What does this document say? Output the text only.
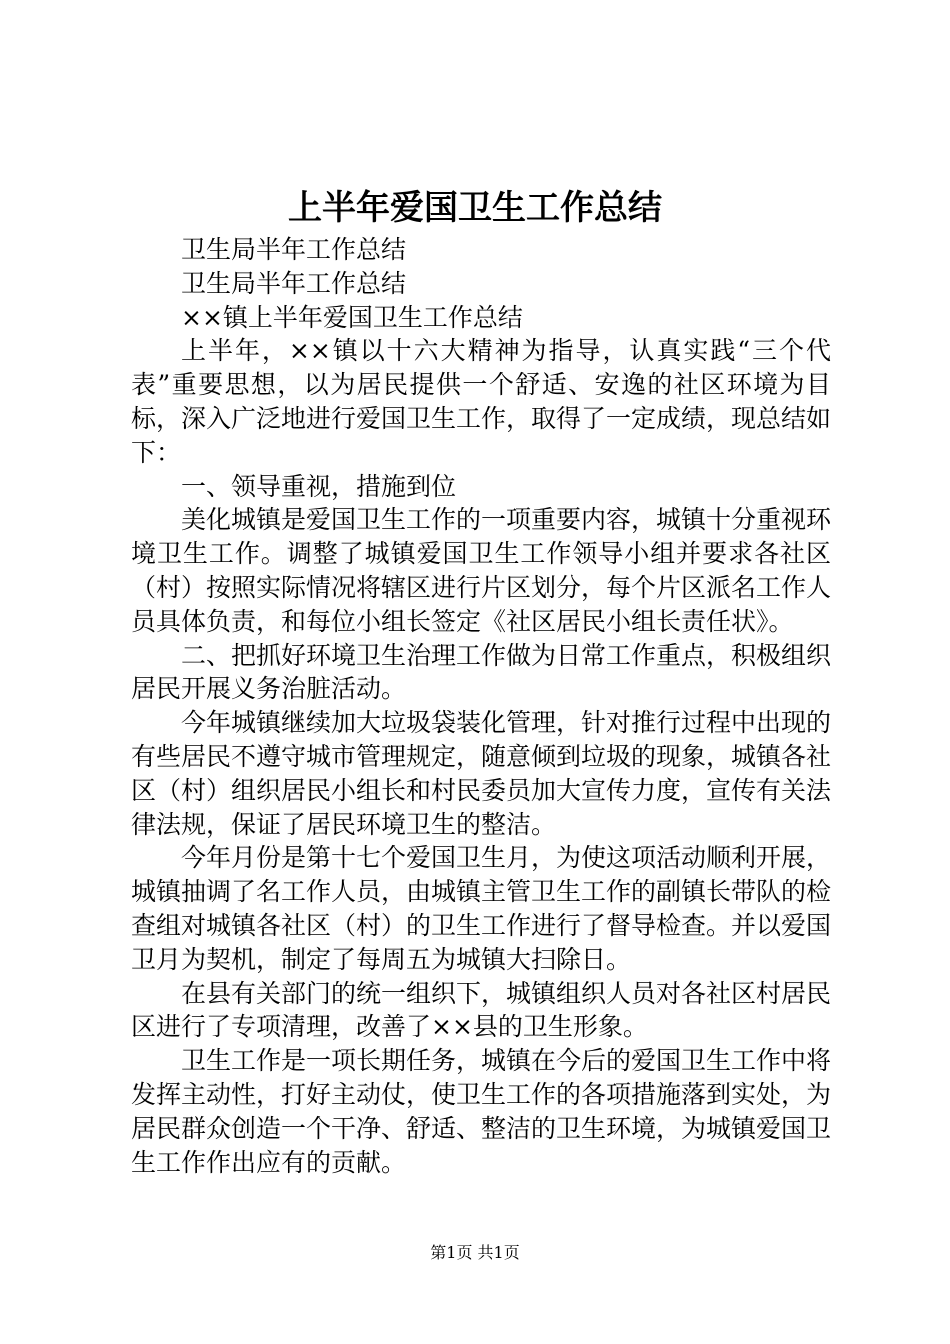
上半年爱国卫生工作总结

卫生局半年工作总结

卫生局半年工作总结

××镇上半年爱国卫生工作总结

上半年，××镇以十六大精神为指导，认真实践“三个代表”重要思想，以为居民提供一个舒适、安逸的社区环境为目标，深入广泛地进行爱国卫生工作，取得了一定成绩，现总结如下：

一、领导重视，措施到位

美化城镇是爱国卫生工作的一项重要内容，城镇十分重视环境卫生工作。调整了城镇爱国卫生工作领导小组并要求各社区（村）按照实际情况将辖区进行片区划分，每个片区派名工作人员具体负责，和每位小组长签定《社区居民小组长责任状》。

二、把抓好环境卫生治理工作做为日常工作重点，积极组织居民开展义务治脏活动。

今年城镇继续加大垃圾袋装化管理，针对推行过程中出现的有些居民不遵守城市管理规定，随意倾到垃圾的现象，城镇各社区（村）组织居民小组长和村民委员加大宣传力度，宣传有关法律法规，保证了居民环境卫生的整洁。

今年月份是第十七个爱国卫生月，为使这项活动顺利开展，城镇抽调了名工作人员，由城镇主管卫生工作的副镇长带队的检查组对城镇各社区（村）的卫生工作进行了督导检查。并以爱国卫月为契机，制定了每周五为城镇大扫除日。

在县有关部门的统一组织下，城镇组织人员对各社区村居民区进行了专项清理，改善了××县的卫生形象。

卫生工作是一项长期任务，城镇在今后的爱国卫生工作中将发挥主动性，打好主动仗，使卫生工作的各项措施落到实处，为居民群众创造一个干净、舒适、整洁的卫生环境，为城镇爱国卫生工作作出应有的贡献。

第1页 共1页
